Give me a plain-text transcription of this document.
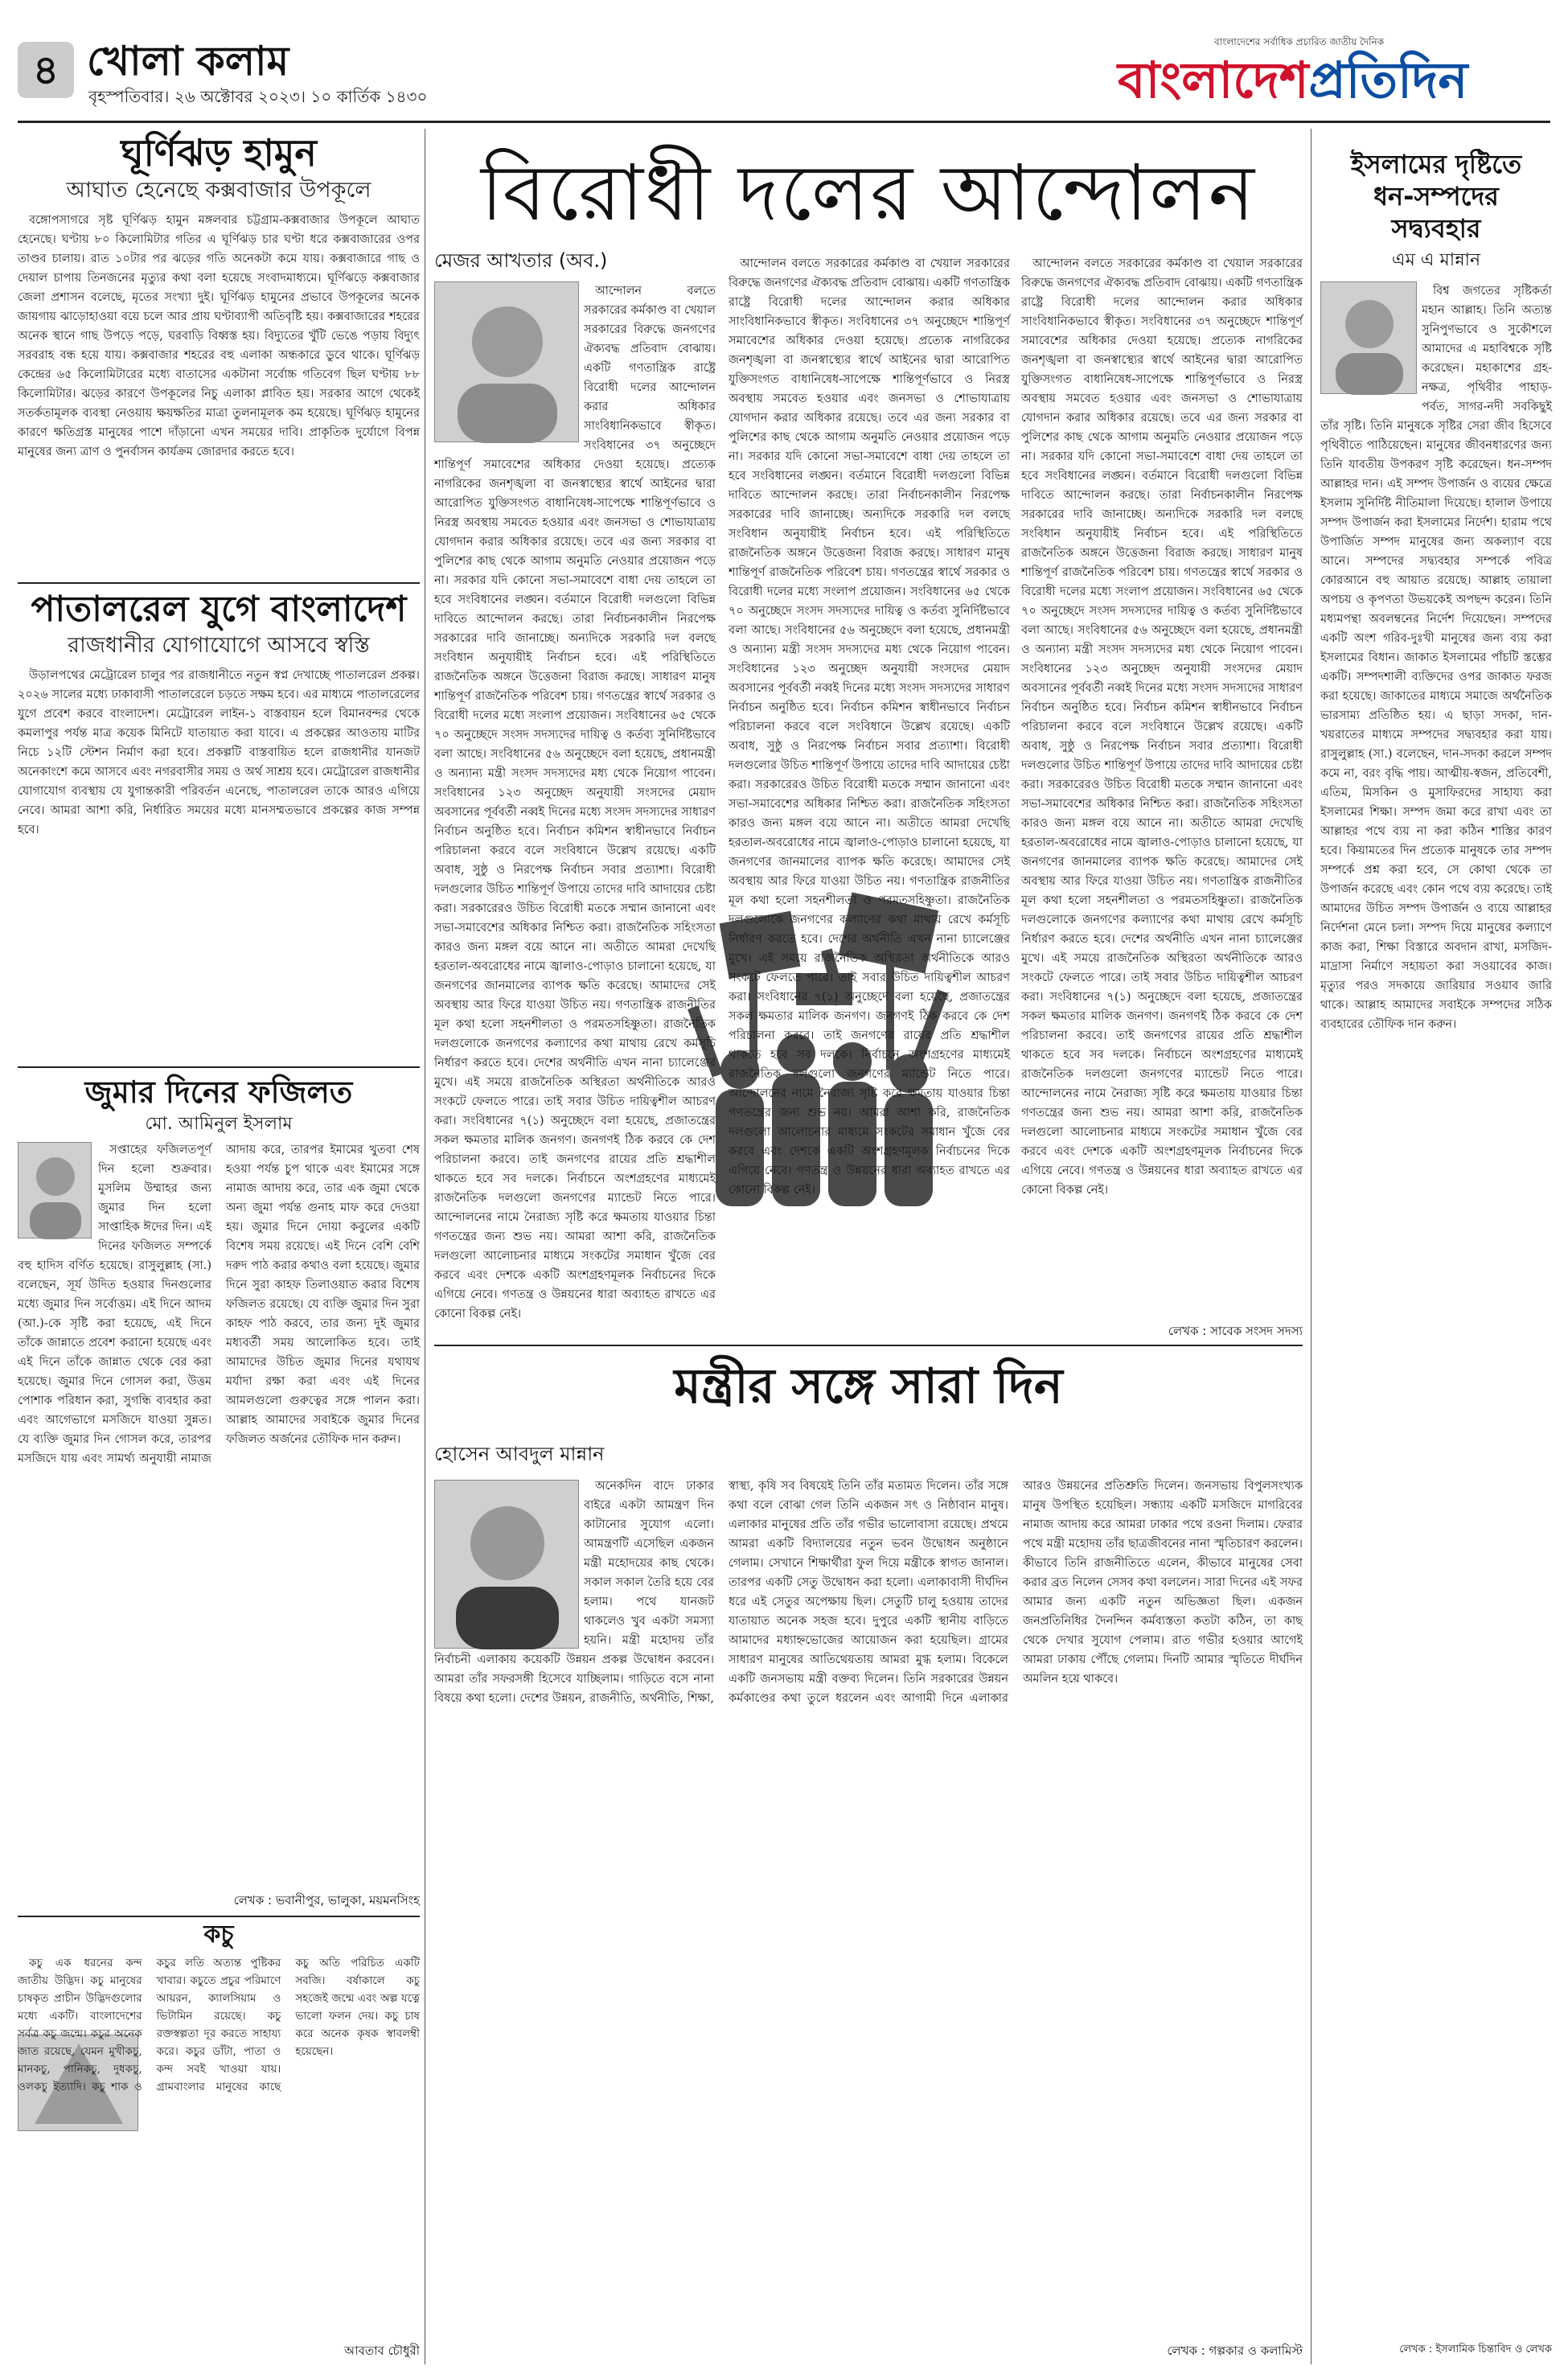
৪ খোলা কলাম
বৃহস্পতিবার। ২৬ অক্টোবর ২০২৩। ১০ কার্তিক ১৪৩০
বাংলাদেশের সর্বাধিক প্রচারিত জাতীয় দৈনিক
বাংলাদেশপ্রতিদিন
ঘূর্ণিঝড় হামুন
আঘাত হেনেছে কক্সবাজার উপকূলে

বঙ্গোপসাগরে সৃষ্ট ঘূর্ণিঝড় হামুন মঙ্গলবার চট্টগ্রাম-কক্সবাজার উপকূলে আঘাত হেনেছে। ঘণ্টায় ৮০ কিলোমিটার গতির এ ঘূর্ণিঝড় চার ঘণ্টা ধরে কক্সবাজারের ওপর তাণ্ডব চালায়। রাত ১০টার পর ঝড়ের গতি অনেকটা কমে যায়। কক্সবাজারে গাছ ও দেয়াল চাপায় তিনজনের মৃত্যুর কথা বলা হয়েছে সংবাদমাধ্যমে। ঘূর্ণিঝড়ে কক্সবাজার জেলা প্রশাসন বলেছে, মৃতের সংখ্যা দুই। ঘূর্ণিঝড় হামুনের প্রভাবে উপকূলের অনেক জায়গায় ঝাড়োহাওয়া বয়ে চলে আর প্রায় ঘণ্টাব্যাপী অতিবৃষ্টি হয়। কক্সবাজারের শহরের অনেক স্থানে গাছ উপড়ে পড়ে, ঘরবাড়ি বিধ্বস্ত হয়। বিদ্যুতের খুঁটি ভেঙে পড়ায় বিদ্যুৎ সরবরাহ বন্ধ হয়ে যায়। কক্সবাজার শহরের বহু এলাকা অন্ধকারে ডুবে থাকে। ঘূর্ণিঝড় কেন্দ্রের ৬৫ কিলোমিটারের মধ্যে বাতাসের একটানা সর্বোচ্চ গতিবেগ ছিল ঘণ্টায় ৮৮ কিলোমিটার। ঝড়ের কারণে উপকূলের নিচু এলাকা প্লাবিত হয়। সরকার আগে থেকেই সতর্কতামূলক ব্যবস্থা নেওয়ায় ক্ষয়ক্ষতির মাত্রা তুলনামূলক কম হয়েছে। ঘূর্ণিঝড় হামুনের কারণে ক্ষতিগ্রস্ত মানুষের পাশে দাঁড়ানো এখন সময়ের দাবি। প্রাকৃতিক দুর্যোগে বিপন্ন মানুষের জন্য ত্রাণ ও পুনর্বাসন কার্যক্রম জোরদার করতে হবে।

পাতালরেল যুগে বাংলাদেশ
রাজধানীর যোগাযোগে আসবে স্বস্তি

উড়ালপথের মেট্রোরেল চালুর পর রাজধানীতে নতুন স্বপ্ন দেখাচ্ছে পাতালরেল প্রকল্প। ২০২৬ সালের মধ্যে ঢাকাবাসী পাতালরেলে চড়তে সক্ষম হবে। এর মাধ্যমে পাতালরেলের যুগে প্রবেশ করবে বাংলাদেশ। মেট্রোরেল লাইন-১ বাস্তবায়ন হলে বিমানবন্দর থেকে কমলাপুর পর্যন্ত মাত্র কয়েক মিনিটে যাতায়াত করা যাবে। এ প্রকল্পের আওতায় মাটির নিচে ১২টি স্টেশন নির্মাণ করা হবে। প্রকল্পটি বাস্তবায়িত হলে রাজধানীর যানজট অনেকাংশে কমে আসবে এবং নগরবাসীর সময় ও অর্থ সাশ্রয় হবে। মেট্রোরেল রাজধানীর যোগাযোগ ব্যবস্থায় যে যুগান্তকারী পরিবর্তন এনেছে, পাতালরেল তাকে আরও এগিয়ে নেবে। আমরা আশা করি, নির্ধারিত সময়ের মধ্যে মানসম্মতভাবে প্রকল্পের কাজ সম্পন্ন হবে।

জুমার দিনের ফজিলত
মো. আমিনুল ইসলাম

সপ্তাহের ফজিলতপূর্ণ দিন হলো শুক্রবার। মুসলিম উম্মাহর জন্য জুমার দিন হলো সাপ্তাহিক ঈদের দিন। এই দিনের ফজিলত সম্পর্কে বহু হাদিস বর্ণিত হয়েছে। রাসুলুল্লাহ (সা.) বলেছেন, সূর্য উদিত হওয়ার দিনগুলোর মধ্যে জুমার দিন সর্বোত্তম। এই দিনে আদম (আ.)-কে সৃষ্টি করা হয়েছে, এই দিনে তাঁকে জান্নাতে প্রবেশ করানো হয়েছে এবং এই দিনে তাঁকে জান্নাত থেকে বের করা হয়েছে। জুমার দিনে গোসল করা, উত্তম পোশাক পরিধান করা, সুগন্ধি ব্যবহার করা এবং আগেভাগে মসজিদে যাওয়া সুন্নত। যে ব্যক্তি জুমার দিন গোসল করে, তারপর মসজিদে যায় এবং সামর্থ্য অনুযায়ী নামাজ আদায় করে, তারপর ইমামের খুতবা শেষ হওয়া পর্যন্ত চুপ থাকে এবং ইমামের সঙ্গে নামাজ আদায় করে, তার এক জুমা থেকে অন্য জুমা পর্যন্ত গুনাহ মাফ করে দেওয়া হয়। জুমার দিনে দোয়া কবুলের একটি বিশেষ সময় রয়েছে। এই দিনে বেশি বেশি দরুদ পাঠ করার কথাও বলা হয়েছে। জুমার দিনে সুরা কাহফ তিলাওয়াত করার বিশেষ ফজিলত রয়েছে। যে ব্যক্তি জুমার দিন সুরা কাহফ পাঠ করবে, তার জন্য দুই জুমার মধ্যবর্তী সময় আলোকিত হবে। তাই আমাদের উচিত জুমার দিনের যথাযথ মর্যাদা রক্ষা করা এবং এই দিনের আমলগুলো গুরুত্বের সঙ্গে পালন করা। আল্লাহ আমাদের সবাইকে জুমার দিনের ফজিলত অর্জনের তৌফিক দান করুন।

লেখক : ভবানীপুর, ভালুকা, ময়মনসিংহ
কচু

কচু এক ধরনের কন্দ জাতীয় উদ্ভিদ। কচু মানুষের চাষকৃত প্রাচীন উদ্ভিদগুলোর মধ্যে একটি। বাংলাদেশের সর্বত্র কচু জন্মে। কচুর অনেক জাত রয়েছে, যেমন মুখীকচু, মানকচু, পানিকচু, দুধকচু, ওলকচু ইত্যাদি। কচু শাক ও কচুর লতি অত্যন্ত পুষ্টিকর খাবার। কচুতে প্রচুর পরিমাণে আয়রন, ক্যালসিয়াম ও ভিটামিন রয়েছে। কচু রক্তস্বল্পতা দূর করতে সাহায্য করে। কচুর ডাঁটা, পাতা ও কন্দ সবই খাওয়া যায়। গ্রামবাংলার মানুষের কাছে কচু অতি পরিচিত একটি সবজি। বর্ষাকালে কচু সহজেই জন্মে এবং অল্প যত্নে ভালো ফলন দেয়। কচু চাষ করে অনেক কৃষক স্বাবলম্বী হয়েছেন।

আবতাব চৌধুরী
বিরোধী দলের আন্দোলন
মেজর আখতার (অব.)

আন্দোলন বলতে সরকারের কর্মকাণ্ড বা খেয়াল সরকারের বিরুদ্ধে জনগণের ঐক্যবদ্ধ প্রতিবাদ বোঝায়। একটি গণতান্ত্রিক রাষ্ট্রে বিরোধী দলের আন্দোলন করার অধিকার সাংবিধানিকভাবে স্বীকৃত। সংবিধানের ৩৭ অনুচ্ছেদে শান্তিপূর্ণ সমাবেশের অধিকার দেওয়া হয়েছে। প্রত্যেক নাগরিকের জনশৃঙ্খলা বা জনস্বাস্থ্যের স্বার্থে আইনের দ্বারা আরোপিত যুক্তিসংগত বাধানিষেধ-সাপেক্ষে শান্তিপূর্ণভাবে ও নিরস্ত্র অবস্থায় সমবেত হওয়ার এবং জনসভা ও শোভাযাত্রায় যোগদান করার অধিকার রয়েছে। তবে এর জন্য সরকার বা পুলিশের কাছ থেকে আগাম অনুমতি নেওয়ার প্রয়োজন পড়ে না। সরকার যদি কোনো সভা-সমাবেশে বাধা দেয় তাহলে তা হবে সংবিধানের লঙ্ঘন। বর্তমানে বিরোধী দলগুলো বিভিন্ন দাবিতে আন্দোলন করছে। তারা নির্বাচনকালীন নিরপেক্ষ সরকারের দাবি জানাচ্ছে। অন্যদিকে সরকারি দল বলছে সংবিধান অনুযায়ীই নির্বাচন হবে। এই পরিস্থিতিতে রাজনৈতিক অঙ্গনে উত্তেজনা বিরাজ করছে। সাধারণ মানুষ শান্তিপূর্ণ রাজনৈতিক পরিবেশ চায়। গণতন্ত্রের স্বার্থে সরকার ও বিরোধী দলের মধ্যে সংলাপ প্রয়োজন। সংবিধানের ৬৫ থেকে ৭০ অনুচ্ছেদে সংসদ সদস্যদের দায়িত্ব ও কর্তব্য সুনির্দিষ্টভাবে বলা আছে। সংবিধানের ৫৬ অনুচ্ছেদে বলা হয়েছে, প্রধানমন্ত্রী ও অন্যান্য মন্ত্রী সংসদ সদস্যদের মধ্য থেকে নিয়োগ পাবেন। সংবিধানের ১২৩ অনুচ্ছেদ অনুযায়ী সংসদের মেয়াদ অবসানের পূর্ববর্তী নব্বই দিনের মধ্যে সংসদ সদস্যদের সাধারণ নির্বাচন অনুষ্ঠিত হবে। নির্বাচন কমিশন স্বাধীনভাবে নির্বাচন পরিচালনা করবে বলে সংবিধানে উল্লেখ রয়েছে। একটি অবাধ, সুষ্ঠু ও নিরপেক্ষ নির্বাচন সবার প্রত্যাশা। বিরোধী দলগুলোর উচিত শান্তিপূর্ণ উপায়ে তাদের দাবি আদায়ের চেষ্টা করা। সরকারেরও উচিত বিরোধী মতকে সম্মান জানানো এবং সভা-সমাবেশের অধিকার নিশ্চিত করা। রাজনৈতিক সহিংসতা কারও জন্য মঙ্গল বয়ে আনে না। অতীতে আমরা দেখেছি হরতাল-অবরোধের নামে জ্বালাও-পোড়াও চালানো হয়েছে, যা জনগণের জানমালের ব্যাপক ক্ষতি করেছে। আমাদের সেই অবস্থায় আর ফিরে যাওয়া উচিত নয়। গণতান্ত্রিক রাজনীতির মূল কথা হলো সহনশীলতা ও পরমতসহিষ্ণুতা। রাজনৈতিক দলগুলোকে জনগণের কল্যাণের কথা মাথায় রেখে কর্মসূচি নির্ধারণ করতে হবে। দেশের অর্থনীতি এখন নানা চ্যালেঞ্জের মুখে। এই সময়ে রাজনৈতিক অস্থিরতা অর্থনীতিকে আরও সংকটে ফেলতে পারে। তাই সবার উচিত দায়িত্বশীল আচরণ করা। সংবিধানের ৭(১) অনুচ্ছেদে বলা হয়েছে, প্রজাতন্ত্রের সকল ক্ষমতার মালিক জনগণ। জনগণই ঠিক করবে কে দেশ পরিচালনা করবে। তাই জনগণের রায়ের প্রতি শ্রদ্ধাশীল থাকতে হবে সব দলকে। নির্বাচনে অংশগ্রহণের মাধ্যমেই রাজনৈতিক দলগুলো জনগণের ম্যান্ডেট নিতে পারে। আন্দোলনের নামে নৈরাজ্য সৃষ্টি করে ক্ষমতায় যাওয়ার চিন্তা গণতন্ত্রের জন্য শুভ নয়। আমরা আশা করি, রাজনৈতিক দলগুলো আলোচনার মাধ্যমে সংকটের সমাধান খুঁজে বের করবে এবং দেশকে একটি অংশগ্রহণমূলক নির্বাচনের দিকে এগিয়ে নেবে। গণতন্ত্র ও উন্নয়নের ধারা অব্যাহত রাখতে এর কোনো বিকল্প নেই।

আন্দোলন বলতে সরকারের কর্মকাণ্ড বা খেয়াল সরকারের বিরুদ্ধে জনগণের ঐক্যবদ্ধ প্রতিবাদ বোঝায়। একটি গণতান্ত্রিক রাষ্ট্রে বিরোধী দলের আন্দোলন করার অধিকার সাংবিধানিকভাবে স্বীকৃত। সংবিধানের ৩৭ অনুচ্ছেদে শান্তিপূর্ণ সমাবেশের অধিকার দেওয়া হয়েছে। প্রত্যেক নাগরিকের জনশৃঙ্খলা বা জনস্বাস্থ্যের স্বার্থে আইনের দ্বারা আরোপিত যুক্তিসংগত বাধানিষেধ-সাপেক্ষে শান্তিপূর্ণভাবে ও নিরস্ত্র অবস্থায় সমবেত হওয়ার এবং জনসভা ও শোভাযাত্রায় যোগদান করার অধিকার রয়েছে। তবে এর জন্য সরকার বা পুলিশের কাছ থেকে আগাম অনুমতি নেওয়ার প্রয়োজন পড়ে না। সরকার যদি কোনো সভা-সমাবেশে বাধা দেয় তাহলে তা হবে সংবিধানের লঙ্ঘন। বর্তমানে বিরোধী দলগুলো বিভিন্ন দাবিতে আন্দোলন করছে। তারা নির্বাচনকালীন নিরপেক্ষ সরকারের দাবি জানাচ্ছে। অন্যদিকে সরকারি দল বলছে সংবিধান অনুযায়ীই নির্বাচন হবে। এই পরিস্থিতিতে রাজনৈতিক অঙ্গনে উত্তেজনা বিরাজ করছে। সাধারণ মানুষ শান্তিপূর্ণ রাজনৈতিক পরিবেশ চায়। গণতন্ত্রের স্বার্থে সরকার ও বিরোধী দলের মধ্যে সংলাপ প্রয়োজন। সংবিধানের ৬৫ থেকে ৭০ অনুচ্ছেদে সংসদ সদস্যদের দায়িত্ব ও কর্তব্য সুনির্দিষ্টভাবে বলা আছে। সংবিধানের ৫৬ অনুচ্ছেদে বলা হয়েছে, প্রধানমন্ত্রী ও অন্যান্য মন্ত্রী সংসদ সদস্যদের মধ্য থেকে নিয়োগ পাবেন। সংবিধানের ১২৩ অনুচ্ছেদ অনুযায়ী সংসদের মেয়াদ অবসানের পূর্ববর্তী নব্বই দিনের মধ্যে সংসদ সদস্যদের সাধারণ নির্বাচন অনুষ্ঠিত হবে। নির্বাচন কমিশন স্বাধীনভাবে নির্বাচন পরিচালনা করবে বলে সংবিধানে উল্লেখ রয়েছে। একটি অবাধ, সুষ্ঠু ও নিরপেক্ষ নির্বাচন সবার প্রত্যাশা। বিরোধী দলগুলোর উচিত শান্তিপূর্ণ উপায়ে তাদের দাবি আদায়ের চেষ্টা করা। সরকারেরও উচিত বিরোধী মতকে সম্মান জানানো এবং সভা-সমাবেশের অধিকার নিশ্চিত করা। রাজনৈতিক সহিংসতা কারও জন্য মঙ্গল বয়ে আনে না। অতীতে আমরা দেখেছি হরতাল-অবরোধের নামে জ্বালাও-পোড়াও চালানো হয়েছে, যা জনগণের জানমালের ব্যাপক ক্ষতি করেছে। আমাদের সেই অবস্থায় আর ফিরে যাওয়া উচিত নয়। গণতান্ত্রিক রাজনীতির মূল কথা হলো সহনশীলতা ও পরমতসহিষ্ণুতা। রাজনৈতিক দলগুলোকে জনগণের কল্যাণের কথা মাথায় রেখে কর্মসূচি নির্ধারণ করতে হবে। দেশের অর্থনীতি এখন নানা চ্যালেঞ্জের মুখে। এই সময়ে রাজনৈতিক অস্থিরতা অর্থনীতিকে আরও সংকটে ফেলতে পারে। তাই সবার উচিত দায়িত্বশীল আচরণ করা। সংবিধানের ৭(১) অনুচ্ছেদে বলা হয়েছে, প্রজাতন্ত্রের সকল ক্ষমতার মালিক জনগণ। জনগণই ঠিক করবে কে দেশ পরিচালনা করবে। তাই জনগণের রায়ের প্রতি শ্রদ্ধাশীল থাকতে হবে সব দলকে। নির্বাচনে অংশগ্রহণের মাধ্যমেই রাজনৈতিক দলগুলো জনগণের ম্যান্ডেট নিতে পারে। আন্দোলনের নামে নৈরাজ্য সৃষ্টি করে ক্ষমতায় যাওয়ার চিন্তা গণতন্ত্রের জন্য শুভ নয়। আমরা আশা করি, রাজনৈতিক দলগুলো আলোচনার মাধ্যমে সংকটের সমাধান খুঁজে বের করবে এবং দেশকে একটি অংশগ্রহণমূলক নির্বাচনের দিকে এগিয়ে নেবে। গণতন্ত্র ও উন্নয়নের ধারা অব্যাহত রাখতে এর কোনো বিকল্প নেই।

আন্দোলন বলতে সরকারের কর্মকাণ্ড বা খেয়াল সরকারের বিরুদ্ধে জনগণের ঐক্যবদ্ধ প্রতিবাদ বোঝায়। একটি গণতান্ত্রিক রাষ্ট্রে বিরোধী দলের আন্দোলন করার অধিকার সাংবিধানিকভাবে স্বীকৃত। সংবিধানের ৩৭ অনুচ্ছেদে শান্তিপূর্ণ সমাবেশের অধিকার দেওয়া হয়েছে। প্রত্যেক নাগরিকের জনশৃঙ্খলা বা জনস্বাস্থ্যের স্বার্থে আইনের দ্বারা আরোপিত যুক্তিসংগত বাধানিষেধ-সাপেক্ষে শান্তিপূর্ণভাবে ও নিরস্ত্র অবস্থায় সমবেত হওয়ার এবং জনসভা ও শোভাযাত্রায় যোগদান করার অধিকার রয়েছে। তবে এর জন্য সরকার বা পুলিশের কাছ থেকে আগাম অনুমতি নেওয়ার প্রয়োজন পড়ে না। সরকার যদি কোনো সভা-সমাবেশে বাধা দেয় তাহলে তা হবে সংবিধানের লঙ্ঘন। বর্তমানে বিরোধী দলগুলো বিভিন্ন দাবিতে আন্দোলন করছে। তারা নির্বাচনকালীন নিরপেক্ষ সরকারের দাবি জানাচ্ছে। অন্যদিকে সরকারি দল বলছে সংবিধান অনুযায়ীই নির্বাচন হবে। এই পরিস্থিতিতে রাজনৈতিক অঙ্গনে উত্তেজনা বিরাজ করছে। সাধারণ মানুষ শান্তিপূর্ণ রাজনৈতিক পরিবেশ চায়। গণতন্ত্রের স্বার্থে সরকার ও বিরোধী দলের মধ্যে সংলাপ প্রয়োজন। সংবিধানের ৬৫ থেকে ৭০ অনুচ্ছেদে সংসদ সদস্যদের দায়িত্ব ও কর্তব্য সুনির্দিষ্টভাবে বলা আছে। সংবিধানের ৫৬ অনুচ্ছেদে বলা হয়েছে, প্রধানমন্ত্রী ও অন্যান্য মন্ত্রী সংসদ সদস্যদের মধ্য থেকে নিয়োগ পাবেন। সংবিধানের ১২৩ অনুচ্ছেদ অনুযায়ী সংসদের মেয়াদ অবসানের পূর্ববর্তী নব্বই দিনের মধ্যে সংসদ সদস্যদের সাধারণ নির্বাচন অনুষ্ঠিত হবে। নির্বাচন কমিশন স্বাধীনভাবে নির্বাচন পরিচালনা করবে বলে সংবিধানে উল্লেখ রয়েছে। একটি অবাধ, সুষ্ঠু ও নিরপেক্ষ নির্বাচন সবার প্রত্যাশা। বিরোধী দলগুলোর উচিত শান্তিপূর্ণ উপায়ে তাদের দাবি আদায়ের চেষ্টা করা। সরকারেরও উচিত বিরোধী মতকে সম্মান জানানো এবং সভা-সমাবেশের অধিকার নিশ্চিত করা। রাজনৈতিক সহিংসতা কারও জন্য মঙ্গল বয়ে আনে না। অতীতে আমরা দেখেছি হরতাল-অবরোধের নামে জ্বালাও-পোড়াও চালানো হয়েছে, যা জনগণের জানমালের ব্যাপক ক্ষতি করেছে। আমাদের সেই অবস্থায় আর ফিরে যাওয়া উচিত নয়। গণতান্ত্রিক রাজনীতির মূল কথা হলো সহনশীলতা ও পরমতসহিষ্ণুতা। রাজনৈতিক দলগুলোকে জনগণের কল্যাণের কথা মাথায় রেখে কর্মসূচি নির্ধারণ করতে হবে। দেশের অর্থনীতি এখন নানা চ্যালেঞ্জের মুখে। এই সময়ে রাজনৈতিক অস্থিরতা অর্থনীতিকে আরও সংকটে ফেলতে পারে। তাই সবার উচিত দায়িত্বশীল আচরণ করা। সংবিধানের ৭(১) অনুচ্ছেদে বলা হয়েছে, প্রজাতন্ত্রের সকল ক্ষমতার মালিক জনগণ। জনগণই ঠিক করবে কে দেশ পরিচালনা করবে। তাই জনগণের রায়ের প্রতি শ্রদ্ধাশীল থাকতে হবে সব দলকে। নির্বাচনে অংশগ্রহণের মাধ্যমেই রাজনৈতিক দলগুলো জনগণের ম্যান্ডেট নিতে পারে। আন্দোলনের নামে নৈরাজ্য সৃষ্টি করে ক্ষমতায় যাওয়ার চিন্তা গণতন্ত্রের জন্য শুভ নয়। আমরা আশা করি, রাজনৈতিক দলগুলো আলোচনার মাধ্যমে সংকটের সমাধান খুঁজে বের করবে এবং দেশকে একটি অংশগ্রহণমূলক নির্বাচনের দিকে এগিয়ে নেবে। গণতন্ত্র ও উন্নয়নের ধারা অব্যাহত রাখতে এর কোনো বিকল্প নেই।

লেখক : সাবেক সংসদ সদস্য
মন্ত্রীর সঙ্গে সারা দিন
হোসেন আবদুল মান্নান

অনেকদিন বাদে ঢাকার বাইরে একটা আমন্ত্রণ দিন কাটানোর সুযোগ এলো। আমন্ত্রণটি এসেছিল একজন মন্ত্রী মহোদয়ের কাছ থেকে। সকাল সকাল তৈরি হয়ে বের হলাম। পথে যানজট থাকলেও খুব একটা সমস্যা হয়নি। মন্ত্রী মহোদয় তাঁর নির্বাচনী এলাকায় কয়েকটি উন্নয়ন প্রকল্প উদ্বোধন করবেন। আমরা তাঁর সফরসঙ্গী হিসেবে যাচ্ছিলাম। গাড়িতে বসে নানা বিষয়ে কথা হলো। দেশের উন্নয়ন, রাজনীতি, অর্থনীতি, শিক্ষা, স্বাস্থ্য, কৃষি সব বিষয়েই তিনি তাঁর মতামত দিলেন। তাঁর সঙ্গে কথা বলে বোঝা গেল তিনি একজন সৎ ও নিষ্ঠাবান মানুষ। এলাকার মানুষের প্রতি তাঁর গভীর ভালোবাসা রয়েছে। প্রথমে আমরা একটি বিদ্যালয়ের নতুন ভবন উদ্বোধন অনুষ্ঠানে গেলাম। সেখানে শিক্ষার্থীরা ফুল দিয়ে মন্ত্রীকে স্বাগত জানাল। তারপর একটি সেতু উদ্বোধন করা হলো। এলাকাবাসী দীর্ঘদিন ধরে এই সেতুর অপেক্ষায় ছিল। সেতুটি চালু হওয়ায় তাদের যাতায়াত অনেক সহজ হবে। দুপুরে একটি স্থানীয় বাড়িতে আমাদের মধ্যাহ্নভোজের আয়োজন করা হয়েছিল। গ্রামের সাধারণ মানুষের আতিথেয়তায় আমরা মুগ্ধ হলাম। বিকেলে একটি জনসভায় মন্ত্রী বক্তব্য দিলেন। তিনি সরকারের উন্নয়ন কর্মকাণ্ডের কথা তুলে ধরলেন এবং আগামী দিনে এলাকার আরও উন্নয়নের প্রতিশ্রুতি দিলেন। জনসভায় বিপুলসংখ্যক মানুষ উপস্থিত হয়েছিল। সন্ধ্যায় একটি মসজিদে মাগরিবের নামাজ আদায় করে আমরা ঢাকার পথে রওনা দিলাম। ফেরার পথে মন্ত্রী মহোদয় তাঁর ছাত্রজীবনের নানা স্মৃতিচারণ করলেন। কীভাবে তিনি রাজনীতিতে এলেন, কীভাবে মানুষের সেবা করার ব্রত নিলেন সেসব কথা বললেন। সারা দিনের এই সফর আমার জন্য একটি নতুন অভিজ্ঞতা ছিল। একজন জনপ্রতিনিধির দৈনন্দিন কর্মব্যস্ততা কতটা কঠিন, তা কাছ থেকে দেখার সুযোগ পেলাম। রাত গভীর হওয়ার আগেই আমরা ঢাকায় পৌঁছে গেলাম। দিনটি আমার স্মৃতিতে দীর্ঘদিন অমলিন হয়ে থাকবে।

লেখক : গল্পকার ও কলামিস্ট
ইসলামের দৃষ্টিতে
ধন-সম্পদের
সদ্ব্যবহার
এম এ মান্নান

বিশ্ব জগতের সৃষ্টিকর্তা মহান আল্লাহ। তিনি অত্যন্ত সুনিপুণভাবে ও সুকৌশলে আমাদের এ মহাবিশ্বকে সৃষ্টি করেছেন। মহাকাশের গ্রহ-নক্ষত্র, পৃথিবীর পাহাড়-পর্বত, সাগর-নদী সবকিছুই তাঁর সৃষ্টি। তিনি মানুষকে সৃষ্টির সেরা জীব হিসেবে পৃথিবীতে পাঠিয়েছেন। মানুষের জীবনধারণের জন্য তিনি যাবতীয় উপকরণ সৃষ্টি করেছেন। ধন-সম্পদ আল্লাহর দান। এই সম্পদ উপার্জন ও ব্যয়ের ক্ষেত্রে ইসলাম সুনির্দিষ্ট নীতিমালা দিয়েছে। হালাল উপায়ে সম্পদ উপার্জন করা ইসলামের নির্দেশ। হারাম পথে উপার্জিত সম্পদ মানুষের জন্য অকল্যাণ বয়ে আনে। সম্পদের সদ্ব্যবহার সম্পর্কে পবিত্র কোরআনে বহু আয়াত রয়েছে। আল্লাহ তায়ালা অপচয় ও কৃপণতা উভয়কেই অপছন্দ করেন। তিনি মধ্যমপন্থা অবলম্বনের নির্দেশ দিয়েছেন। সম্পদের একটি অংশ গরিব-দুঃখী মানুষের জন্য ব্যয় করা ইসলামের বিধান। জাকাত ইসলামের পাঁচটি স্তম্ভের একটি। সম্পদশালী ব্যক্তিদের ওপর জাকাত ফরজ করা হয়েছে। জাকাতের মাধ্যমে সমাজে অর্থনৈতিক ভারসাম্য প্রতিষ্ঠিত হয়। এ ছাড়া সদকা, দান-খয়রাতের মাধ্যমে সম্পদের সদ্ব্যবহার করা যায়। রাসুলুল্লাহ (সা.) বলেছেন, দান-সদকা করলে সম্পদ কমে না, বরং বৃদ্ধি পায়। আত্মীয়-স্বজন, প্রতিবেশী, এতিম, মিসকিন ও মুসাফিরদের সাহায্য করা ইসলামের শিক্ষা। সম্পদ জমা করে রাখা এবং তা আল্লাহর পথে ব্যয় না করা কঠিন শাস্তির কারণ হবে। কিয়ামতের দিন প্রত্যেক মানুষকে তার সম্পদ সম্পর্কে প্রশ্ন করা হবে, সে কোথা থেকে তা উপার্জন করেছে এবং কোন পথে ব্যয় করেছে। তাই আমাদের উচিত সম্পদ উপার্জন ও ব্যয়ে আল্লাহর নির্দেশনা মেনে চলা। সম্পদ দিয়ে মানুষের কল্যাণে কাজ করা, শিক্ষা বিস্তারে অবদান রাখা, মসজিদ-মাদ্রাসা নির্মাণে সহায়তা করা সওয়াবের কাজ। মৃত্যুর পরও সদকায়ে জারিয়ার সওয়াব জারি থাকে। আল্লাহ আমাদের সবাইকে সম্পদের সঠিক ব্যবহারের তৌফিক দান করুন।

লেখক : ইসলামিক চিন্তাবিদ ও লেখক
